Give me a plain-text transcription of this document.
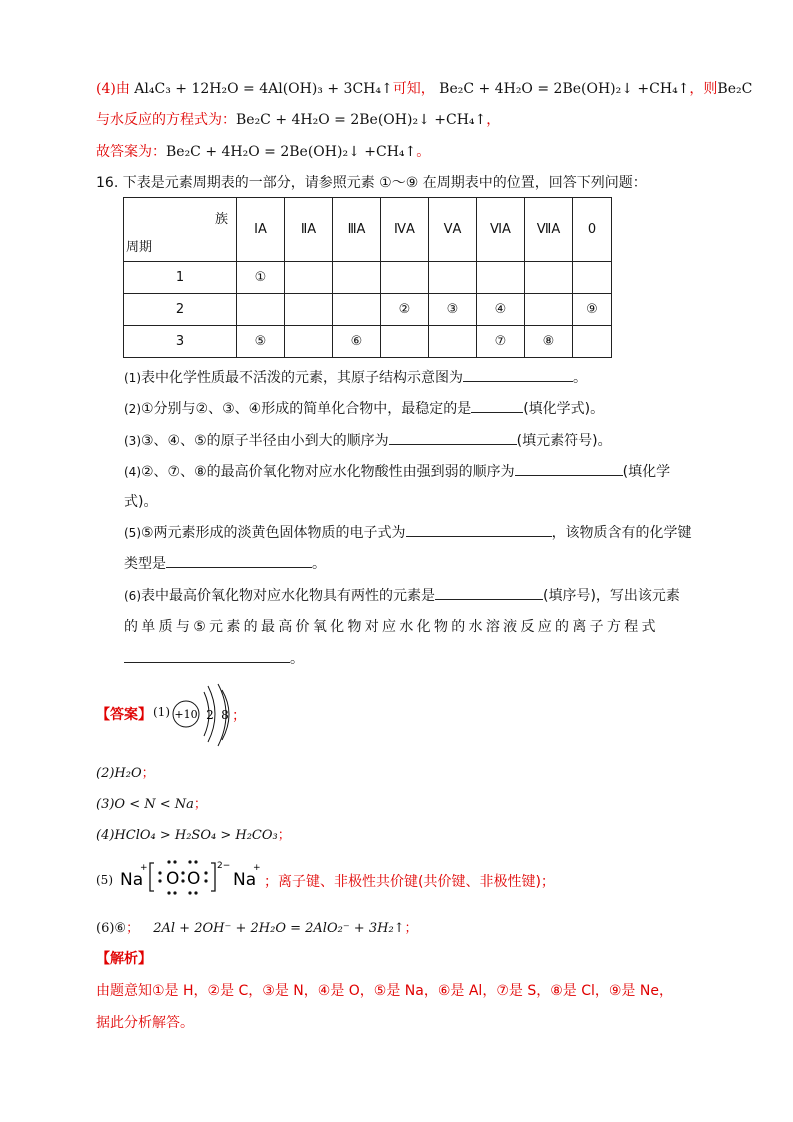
(4)由 Al₄C₃ + 12H₂O = 4Al(OH)₃ + 3CH₄↑可知， Be₂C + 4H₂O = 2Be(OH)₂↓ +CH₄↑，则Be₂C
与水反应的方程式为：Be₂C + 4H₂O = 2Be(OH)₂↓ +CH₄↑，
故答案为：Be₂C + 4H₂O = 2Be(OH)₂↓ +CH₄↑。
16. 下表是元素周期表的一部分，请参照元素 ①～⑨ 在周期表中的位置，回答下列问题：
族
周期	ⅠA	ⅡA	ⅢA	ⅣA	ⅤA	ⅥA	ⅦA	0
1	①							
2				②	③	④		⑨
3	⑤		⑥			⑦	⑧	
(1)表中化学性质最不活泼的元素，其原子结构示意图为	。
(2)①分别与②、③、④形成的简单化合物中，最稳定的是	(填化学式)。
(3)③、④、⑤的原子半径由小到大的顺序为	(填元素符号)。
(4)②、⑦、⑧的最高价氧化物对应水化物酸性由强到弱的顺序为	(填化学
式)。
(5)⑤两元素形成的淡黄色固体物质的电子式为	，该物质含有的化学键
类型是	。
(6)表中最高价氧化物对应水化物具有两性的元素是	(填序号)，写出该元素
的单质与⑤元素的最高价氧化物对应水化物的水溶液反应的离子方程式
。
【答案】 (1) +10 2 8 ；
(2)H₂O；
(3)O < N < Na；
(4)HClO₄ > H₂SO₄ > H₂CO₃；
(5) Na
+
O O
2−
Na
+
；离子键、非极性共价键(共价键、非极性键)；
(6)⑥； 2Al + 2OH⁻ + 2H₂O = 2AlO₂⁻ + 3H₂↑；
【解析】
由题意知①是 H，②是 C，③是 N，④是 O，⑤是 Na，⑥是 Al，⑦是 S，⑧是 Cl，⑨是 Ne，
据此分析解答。
